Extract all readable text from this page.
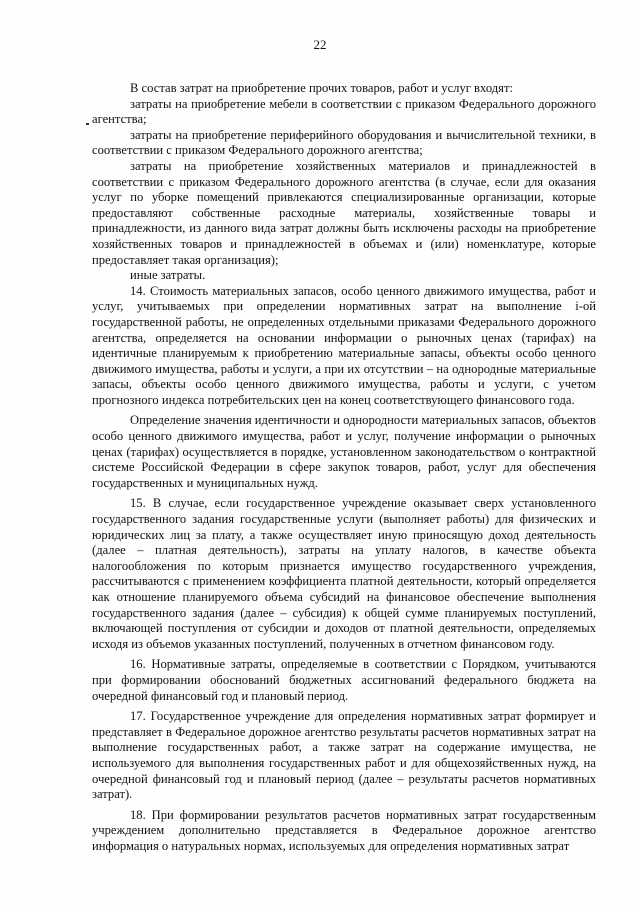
22

В состав затрат на приобретение прочих товаров, работ и услуг входят:

затраты на приобретение мебели в соответствии с приказом Федерального дорожного агентства;

затраты на приобретение периферийного оборудования и вычислительной техники, в соответствии с приказом Федерального дорожного агентства;

затраты на приобретение хозяйственных материалов и принадлежностей в соответствии с приказом Федерального дорожного агентства (в случае, если для оказания услуг по уборке помещений привлекаются специализированные организации, которые предоставляют собственные расходные материалы, хозяйственные товары и принадлежности, из данного вида затрат должны быть исключены расходы на приобретение хозяйственных товаров и принадлежностей в объемах и (или) номенклатуре, которые предоставляет такая организация);

иные затраты.

14. Стоимость материальных запасов, особо ценного движимого имущества, работ и услуг, учитываемых при определении нормативных затрат на выполнение i-ой государственной работы, не определенных отдельными приказами Федерального дорожного агентства, определяется на основании информации о рыночных ценах (тарифах) на идентичные планируемым к приобретению материальные запасы, объекты особо ценного движимого имущества, работы и услуги, а при их отсутствии – на однородные материальные запасы, объекты особо ценного движимого имущества, работы и услуги, с учетом прогнозного индекса потребительских цен на конец соответствующего финансового года.

Определение значения идентичности и однородности материальных запасов, объектов особо ценного движимого имущества, работ и услуг, получение информации о рыночных ценах (тарифах) осуществляется в порядке, установленном законодательством о контрактной системе Российской Федерации в сфере закупок товаров, работ, услуг для обеспечения государственных и муниципальных нужд.

15. В случае, если государственное учреждение оказывает сверх установленного государственного задания государственные услуги (выполняет работы) для физических и юридических лиц за плату, а также осуществляет иную приносящую доход деятельность (далее – платная деятельность), затраты на уплату налогов, в качестве объекта налогообложения по которым признается имущество государственного учреждения, рассчитываются с применением коэффициента платной деятельности, который определяется как отношение планируемого объема субсидий на финансовое обеспечение выполнения государственного задания (далее – субсидия) к общей сумме планируемых поступлений, включающей поступления от субсидии и доходов от платной деятельности, определяемых исходя из объемов указанных поступлений, полученных в отчетном финансовом году.

16. Нормативные затраты, определяемые в соответствии с Порядком, учитываются при формировании обоснований бюджетных ассигнований федерального бюджета на очередной финансовый год и плановый период.

17. Государственное учреждение для определения нормативных затрат формирует и представляет в Федеральное дорожное агентство результаты расчетов нормативных затрат на выполнение государственных работ, а также затрат на содержание имущества, не используемого для выполнения государственных работ и для общехозяйственных нужд, на очередной финансовый год и плановый период (далее – результаты расчетов нормативных затрат).

18. При формировании результатов расчетов нормативных затрат государственным учреждением дополнительно представляется в Федеральное дорожное агентство информация о натуральных нормах, используемых для определения нормативных затрат
